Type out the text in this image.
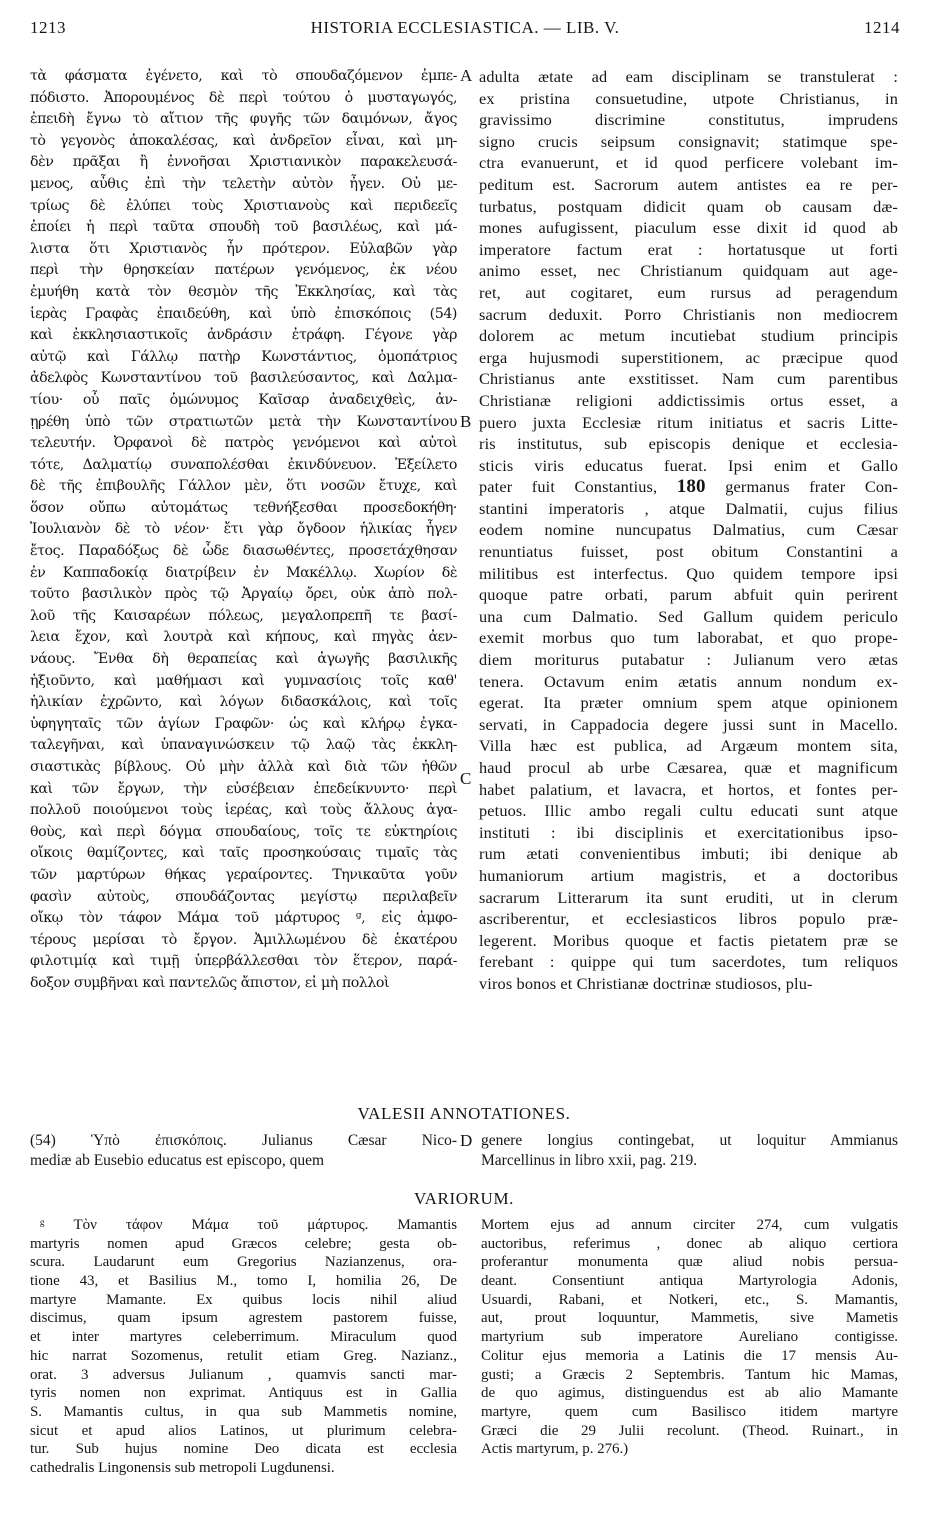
1213	HISTORIA ECCLESIASTICA. — LIB. V.	1214
τὰ φάσματα ἐγένετο, καὶ τὸ σπουδαζόμενον ἐμπε-
πόδιστο. Ἀπορουμένος δὲ περὶ τούτου ὁ μυσταγωγός,
ἐπειδὴ ἔγνω τὸ αἴτιον τῆς φυγῆς τῶν δαιμόνων, ἄγος
τὸ γεγονὸς ἀποκαλέσας, καὶ ἀνδρεῖον εἶναι, καὶ μη-
δὲν πρᾶξαι ἢ ἐννοῆσαι Χριστιανικὸν παρακελευσά-
μενος, αὖθις ἐπὶ τὴν τελετὴν αὐτὸν ἦγεν. Οὐ με-
τρίως δὲ ἐλύπει τοὺς Χριστιανοὺς καὶ περιδεεῖς
ἐποίει ἡ περὶ ταῦτα σπουδὴ τοῦ βασιλέως, καὶ μά-
λιστα ὅτι Χριστιανὸς ἦν πρότερον. Εὐλαβῶν γὰρ
περὶ τὴν θρησκείαν πατέρων γενόμενος, ἐκ νέου
ἐμυήθη κατὰ τὸν θεσμὸν τῆς Ἐκκλησίας, καὶ τὰς
ἱερὰς Γραφὰς ἐπαιδεύθη, καὶ ὑπὸ ἐπισκόποις (54)
καὶ ἐκκλησιαστικοῖς ἀνδράσιν ἐτράφη. Γέγονε γὰρ
αὐτῷ καὶ Γάλλῳ πατὴρ Κωνστάντιος, ὁμοπάτριος
ἀδελφὸς Κωνσταντίνου τοῦ βασιλεύσαντος, καὶ Δαλμα-
τίου· οὗ παῖς ὁμώνυμος Καῖσαρ ἀναδειχθεὶς, ἀν-
ῃρέθη ὑπὸ τῶν στρατιωτῶν μετὰ τὴν Κωνσταντίνου
τελευτήν. Ὀρφανοὶ δὲ πατρὸς γενόμενοι καὶ αὐτοὶ
τότε, Δαλματίῳ συναπολέσθαι ἐκινδύνευον. Ἐξείλετο
δὲ τῆς ἐπιβουλῆς Γάλλον μὲν, ὅτι νοσῶν ἔτυχε, καὶ
ὅσον οὔπω αὐτομάτως τεθνήξεσθαι προσεδοκήθη·
Ἰουλιανὸν δὲ τὸ νέον· ἔτι γὰρ ὄγδοον ἡλικίας ἦγεν
ἔτος. Παραδόξως δὲ ὧδε διασωθέντες, προσετάχθησαν
ἐν Καππαδοκίᾳ διατρίβειν ἐν Μακέλλῳ. Χωρίον δὲ
τοῦτο βασιλικὸν πρὸς τῷ Ἀργαίῳ ὄρει, οὐκ ἀπὸ πολ-
λοῦ τῆς Καισαρέων πόλεως, μεγαλοπρεπῆ τε βασί-
λεια ἔχον, καὶ λουτρὰ καὶ κήπους, καὶ πηγὰς ἀεν-
νάους. Ἔνθα δὴ θεραπείας καὶ ἀγωγῆς βασιλικῆς
ἠξιοῦντο, καὶ μαθήμασι καὶ γυμνασίοις τοῖς καθ'
ἡλικίαν ἐχρῶντο, καὶ λόγων διδασκάλοις, καὶ τοῖς
ὑφηγηταῖς τῶν ἁγίων Γραφῶν· ὡς καὶ κλήρῳ ἐγκα-
ταλεγῆναι, καὶ ὑπαναγινώσκειν τῷ λαῷ τὰς ἐκκλη-
σιαστικὰς βίβλους. Οὐ μὴν ἀλλὰ καὶ διὰ τῶν ἠθῶν
καὶ τῶν ἔργων, τὴν εὐσέβειαν ἐπεδείκνυντο· περὶ
πολλοῦ ποιούμενοι τοὺς ἱερέας, καὶ τοὺς ἄλλους ἀγα-
θοὺς, καὶ περὶ δόγμα σπουδαίους, τοῖς τε εὐκτηρίοις
οἴκοις θαμίζοντες, καὶ ταῖς προσηκούσαις τιμαῖς τὰς
τῶν μαρτύρων θήκας γεραίροντες. Τηνικαῦτα γοῦν
φασὶν αὐτοὺς, σπουδάζοντας μεγίστῳ περιλαβεῖν
οἴκῳ τὸν τάφον Μάμα τοῦ μάρτυρος ᵍ, εἰς ἀμφο-
τέρους μερίσαι τὸ ἔργον. Ἀμιλλωμένου δὲ ἑκατέρου
φιλοτιμίᾳ καὶ τιμῇ ὑπερβάλλεσθαι τὸν ἕτερον, παρά-
δοξον συμβῆναι καὶ παντελῶς ἄπιστον, εἰ μὴ πολλοὶ
adulta ætate ad eam disciplinam se transtulerat :
ex pristina consuetudine, utpote Christianus, in
gravissimo discrimine constitutus, imprudens
signo crucis seipsum consignavit; statimque spe-
ctra evanuerunt, et id quod perficere volebant im-
peditum est. Sacrorum autem antistes ea re per-
turbatus, postquam didicit quam ob causam dæ-
mones aufugissent, piaculum esse dixit id quod ab
imperatore factum erat : hortatusque ut forti
animo esset, nec Christianum quidquam aut age-
ret, aut cogitaret, eum rursus ad peragendum
sacrum deduxit. Porro Christianis non mediocrem
dolorem ac metum incutiebat studium principis
erga hujusmodi superstitionem, ac præcipue quod
Christianus ante exstitisset. Nam cum parentibus
Christianæ religioni addictissimis ortus esset, a
puero juxta Ecclesiæ ritum initiatus et sacris Litte-
ris institutus, sub episcopis denique et ecclesia-
sticis viris educatus fuerat. Ipsi enim et Gallo
pater fuit Constantius, 180 germanus frater Con-
stantini imperatoris , atque Dalmatii, cujus filius
eodem nomine nuncupatus Dalmatius, cum Cæsar
renuntiatus fuisset, post obitum Constantini a
militibus est interfectus. Quo quidem tempore ipsi
quoque patre orbati, parum abfuit quin perirent
una cum Dalmatio. Sed Gallum quidem periculo
exemit morbus quo tum laborabat, et quo prope-
diem moriturus putabatur : Julianum vero ætas
tenera. Octavum enim ætatis annum nondum ex-
egerat. Ita præter omnium spem atque opinionem
servati, in Cappadocia degere jussi sunt in Macello.
Villa hæc est publica, ad Argæum montem sita,
haud procul ab urbe Cæsarea, quæ et magnificum
habet palatium, et lavacra, et hortos, et fontes per-
petuos. Illic ambo regali cultu educati sunt atque
instituti : ibi disciplinis et exercitationibus ipso-
rum ætati convenientibus imbuti; ibi denique ab
humaniorum artium magistris, et a doctoribus
sacrarum Litterarum ita sunt eruditi, ut in clerum
ascriberentur, et ecclesiasticos libros populo præ-
legerent. Moribus quoque et factis pietatem præ se
ferebant : quippe qui tum sacerdotes, tum reliquos
viros bonos et Christianæ doctrinæ studiosos, plu-
A
B
C
D
VALESII ANNOTATIONES.
(54) Ὑπὸ ἐπισκόποις. Julianus Cæsar Nico-
mediæ ab Eusebio educatus est episcopo, quem
genere longius contingebat, ut loquitur Ammianus
Marcellinus in libro xxii, pag. 219.
VARIORUM.
ᵍ Τὸν τάφον Μάμα τοῦ μάρτυρος. Mamantis
martyris nomen apud Græcos celebre; gesta ob-
scura. Laudarunt eum Gregorius Nazianzenus, ora-
tione 43, et Basilius M., tomo I, homilia 26, De
martyre Mamante. Ex quibus locis nihil aliud
discimus, quam ipsum agrestem pastorem fuisse,
et inter martyres celeberrimum. Miraculum quod
hic narrat Sozomenus, retulit etiam Greg. Nazianz.,
orat. 3 adversus Julianum , quamvis sancti mar-
tyris nomen non exprimat. Antiquus est in Gallia
S. Mamantis cultus, in qua sub Mammetis nomine,
sicut et apud alios Latinos, ut plurimum celebra-
tur. Sub hujus nomine Deo dicata est ecclesia
cathedralis Lingonensis sub metropoli Lugdunensi.
Mortem ejus ad annum circiter 274, cum vulgatis
auctoribus, referimus , donec ab aliquo certiora
proferantur monumenta quæ aliud nobis persua-
deant. Consentiunt antiqua Martyrologia Adonis,
Usuardi, Rabani, et Notkeri, etc., S. Mamantis,
aut, prout loquuntur, Mammetis, sive Mametis
martyrium sub imperatore Aureliano contigisse.
Colitur ejus memoria a Latinis die 17 mensis Au-
gusti; a Græcis 2 Septembris. Tantum hic Mamas,
de quo agimus, distinguendus est ab alio Mamante
martyre, quem cum Basilisco itidem martyre
Græci die 29 Julii recolunt. (Theod. Ruinart., in
Actis martyrum, p. 276.)
